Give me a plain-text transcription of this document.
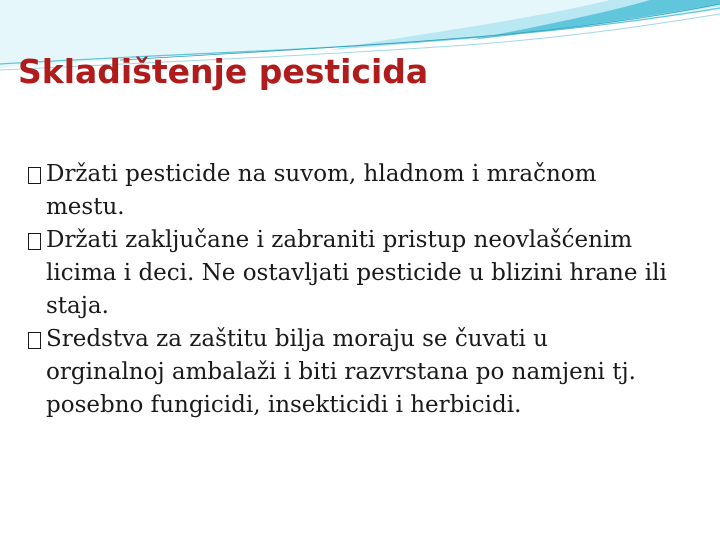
Skladištenje pesticida
Držati pesticide na suvom, hladnom i mračnom mestu.
Držati zaključane i zabraniti pristup neovlašćenim licima i deci. Ne ostavljati pesticide u blizini hrane ili staja.
Sredstva za zaštitu bilja moraju se čuvati u orginalnoj ambalaži i biti razvrstana po namjeni tj. posebno fungicidi, insekticidi i herbicidi.
